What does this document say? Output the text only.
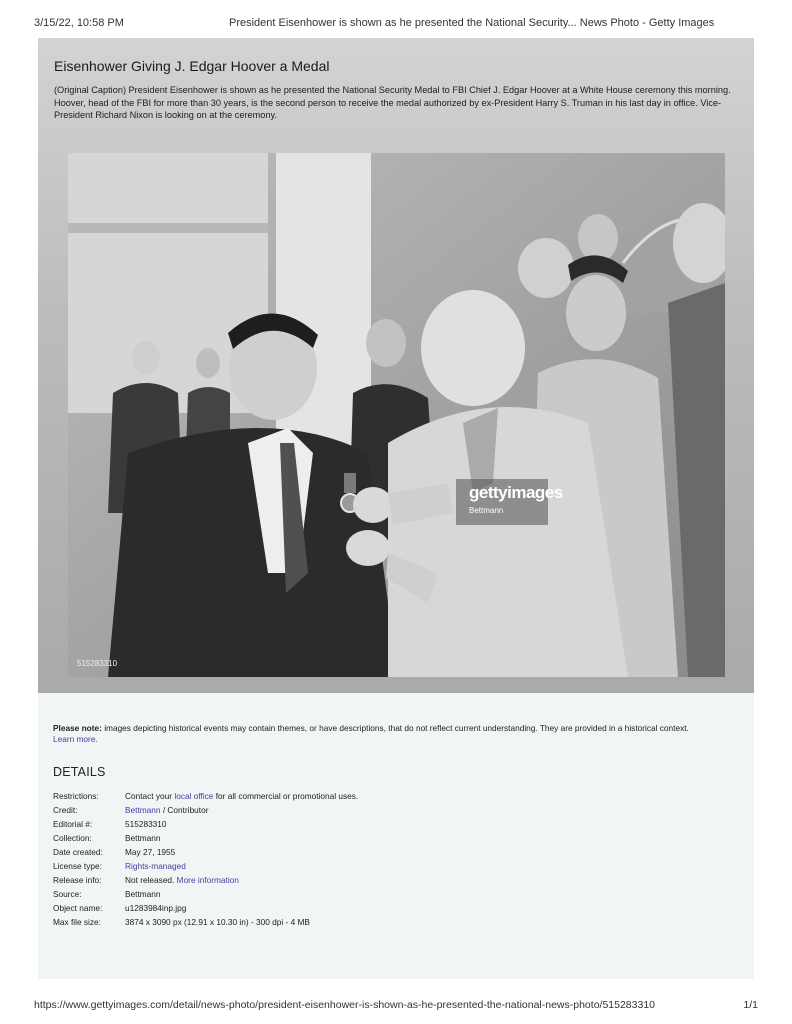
3/15/22, 10:58 PM	President Eisenhower is shown as he presented the National Security... News Photo - Getty Images
Eisenhower Giving J. Edgar Hoover a Medal
(Original Caption) President Eisenhower is shown as he presented the National Security Medal to FBI Chief J. Edgar Hoover at a White House ceremony this morning. Hoover, head of the FBI for more than 30 years, is the second person to receive the medal authorized by ex-President Harry S. Truman in his last day in office. Vice-President Richard Nixon is looking on at the ceremony.
gettyimages
Bettmann
515283310
Please note: images depicting historical events may contain themes, or have descriptions, that do not reflect current understanding. They are provided in a historical context.
Learn more.
DETAILS
Restrictions:	Contact your local office for all commercial or promotional uses.
Credit:	Bettmann / Contributor
Editorial #:	515283310
Collection:	Bettmann
Date created:	May 27, 1955
License type:	Rights-managed
Release info:	Not released. More information
Source:	Bettmann
Object name:	u1283984inp.jpg
Max file size:	3874 x 3090 px (12.91 x 10.30 in) - 300 dpi - 4 MB
https://www.gettyimages.com/detail/news-photo/president-eisenhower-is-shown-as-he-presented-the-national-news-photo/515283310	1/1
